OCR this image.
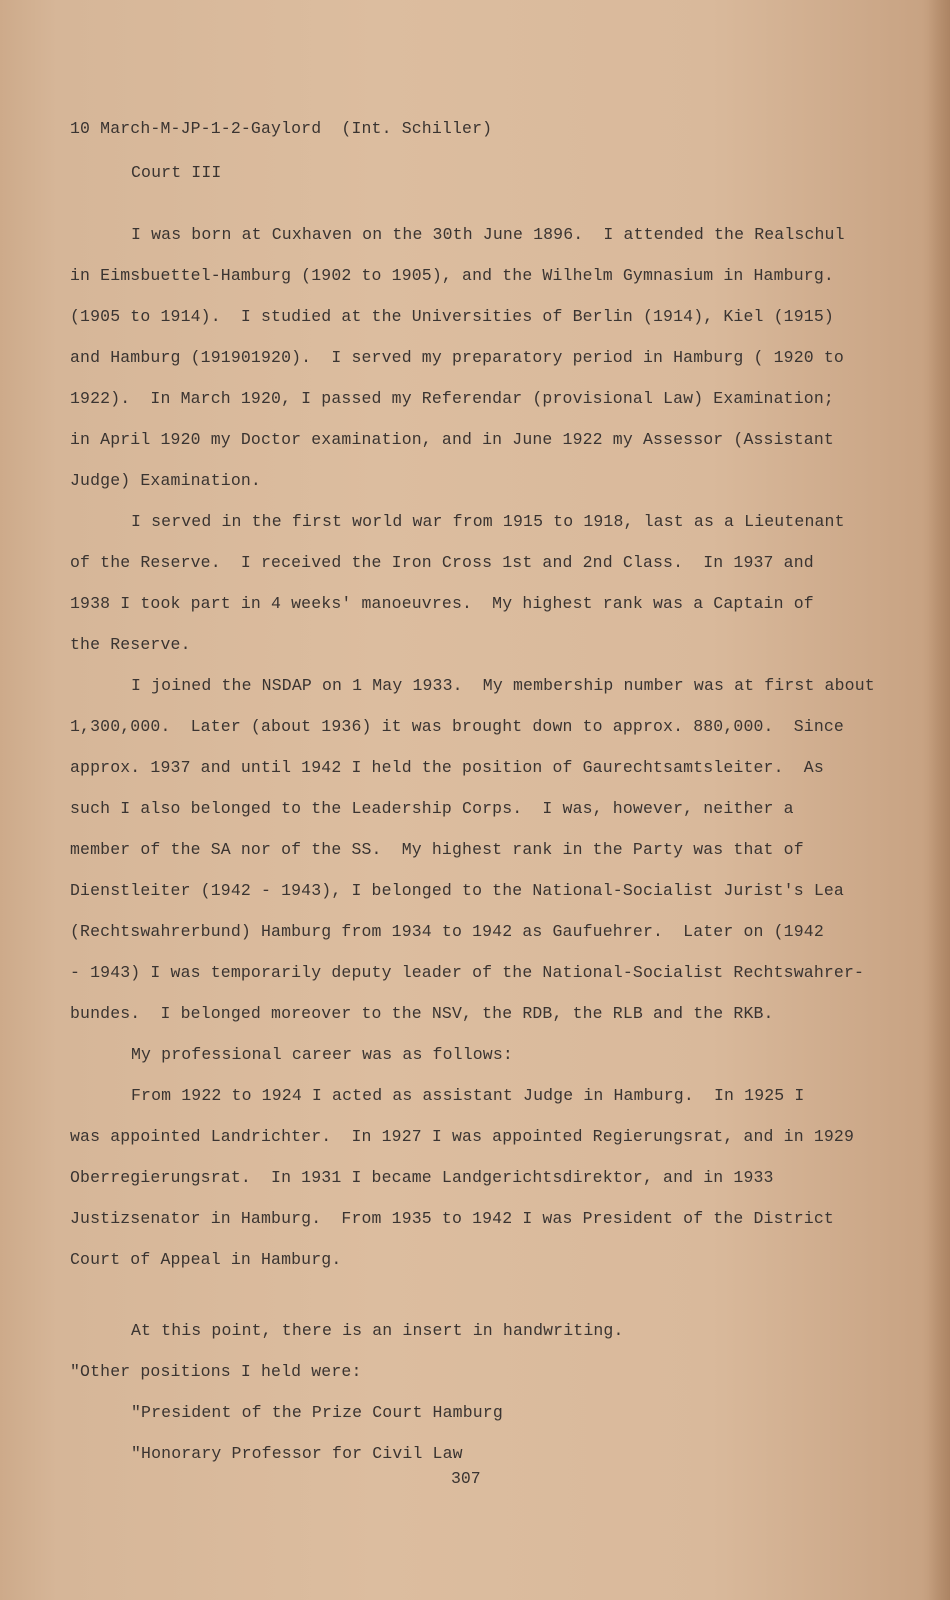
10 March-M-JP-1-2-Gaylord  (Int. Schiller)
Court III
I was born at Cuxhaven on the 30th June 1896.  I attended the Realschul
in Eimsbuettel-Hamburg (1902 to 1905), and the Wilhelm Gymnasium in Hamburg.
(1905 to 1914).  I studied at the Universities of Berlin (1914), Kiel (1915)
and Hamburg (191901920).  I served my preparatory period in Hamburg ( 1920 to
1922).  In March 1920, I passed my Referendar (provisional Law) Examination;
in April 1920 my Doctor examination, and in June 1922 my Assessor (Assistant
Judge) Examination.
I served in the first world war from 1915 to 1918, last as a Lieutenant
of the Reserve.  I received the Iron Cross 1st and 2nd Class.  In 1937 and
1938 I took part in 4 weeks' manoeuvres.  My highest rank was a Captain of
the Reserve.
I joined the NSDAP on 1 May 1933.  My membership number was at first about
1,300,000.  Later (about 1936) it was brought down to approx. 880,000.  Since
approx. 1937 and until 1942 I held the position of Gaurechtsamtsleiter.  As
such I also belonged to the Leadership Corps.  I was, however, neither a
member of the SA nor of the SS.  My highest rank in the Party was that of
Dienstleiter (1942 - 1943), I belonged to the National-Socialist Jurist's Lea
(Rechtswahrerbund) Hamburg from 1934 to 1942 as Gaufuehrer.  Later on (1942
- 1943) I was temporarily deputy leader of the National-Socialist Rechtswahrer-
bundes.  I belonged moreover to the NSV, the RDB, the RLB and the RKB.
My professional career was as follows:
From 1922 to 1924 I acted as assistant Judge in Hamburg.  In 1925 I
was appointed Landrichter.  In 1927 I was appointed Regierungsrat, and in 1929
Oberregierungsrat.  In 1931 I became Landgerichtsdirektor, and in 1933
Justizsenator in Hamburg.  From 1935 to 1942 I was President of the District
Court of Appeal in Hamburg.
At this point, there is an insert in handwriting.
"Other positions I held were:
"President of the Prize Court Hamburg
"Honorary Professor for Civil Law
307
